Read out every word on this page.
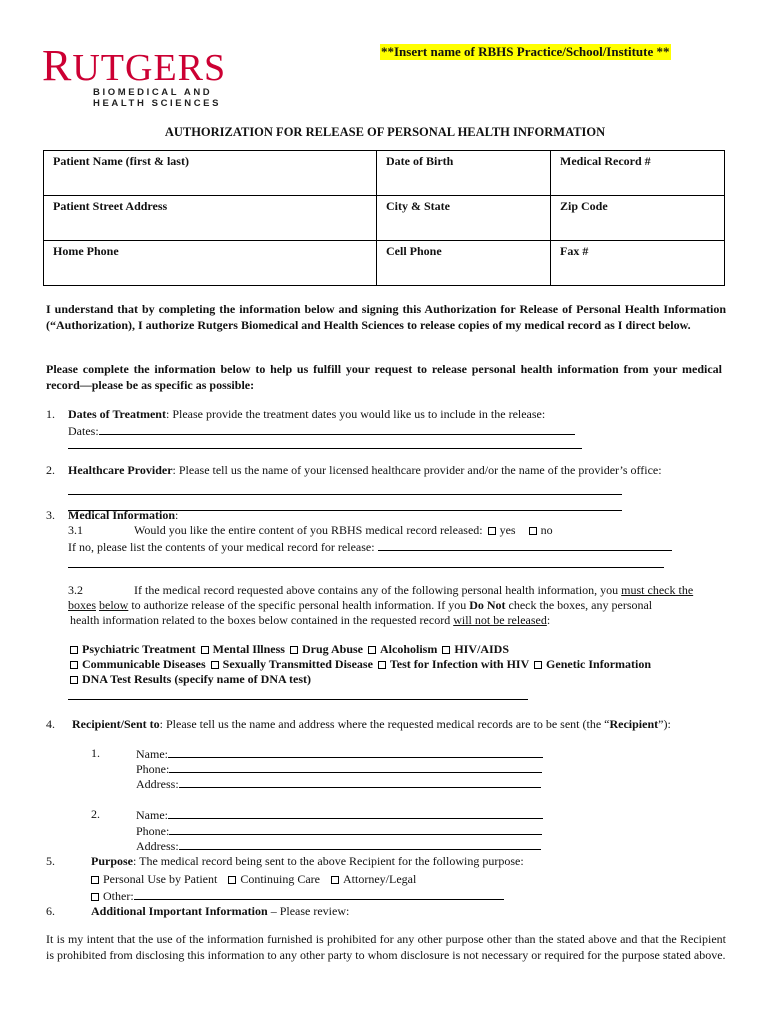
RUTGERS
BIOMEDICAL AND
HEALTH SCIENCES
**Insert name of RBHS Practice/School/Institute **
AUTHORIZATION FOR RELEASE OF PERSONAL HEALTH INFORMATION
Patient Name (first & last)	Date of Birth	Medical Record #
Patient Street Address	City & State	Zip Code
Home Phone	Cell Phone	Fax #
I understand that by completing the information below and signing this Authorization for Release of Personal Health Information (“Authorization), I authorize Rutgers Biomedical and Health Sciences to release copies of my medical record as I direct below.
Please complete the information below to help us fulfill your request to release personal health information from your medical record—please be as specific as possible:
1. Dates of Treatment: Please provide the treatment dates you would like us to include in the release:
Dates:
2. Healthcare Provider: Please tell us the name of your licensed healthcare provider and/or the name of the provider’s office:
3. Medical Information:
3.1	Would you like the entire content of you RBHS medical record released: yes no
If no, please list the contents of your medical record for release:
3.2	If the medical record requested above contains any of the following personal health information, you must check the
boxes below to authorize release of the specific personal health information. If you Do Not check the boxes, any personal
health information related to the boxes below contained in the requested record will not be released:
Psychiatric Treatment Mental Illness Drug Abuse Alcoholism HIV/AIDS
Communicable Diseases Sexually Transmitted Disease Test for Infection with HIV Genetic Information
DNA Test Results (specify name of DNA test)
4. Recipient/Sent to: Please tell us the name and address where the requested medical records are to be sent (the “Recipient”):
1.	Name:
Phone:
Address:
2.	Name:
Phone:
Address:
5.	Purpose: The medical record being sent to the above Recipient for the following purpose:
Personal Use by Patient Continuing Care Attorney/Legal
Other:
6.	Additional Important Information – Please review:
It is my intent that the use of the information furnished is prohibited for any other purpose other than the stated above and that the Recipient is prohibited from disclosing this information to any other party to whom disclosure is not necessary or required for the purpose stated above.
